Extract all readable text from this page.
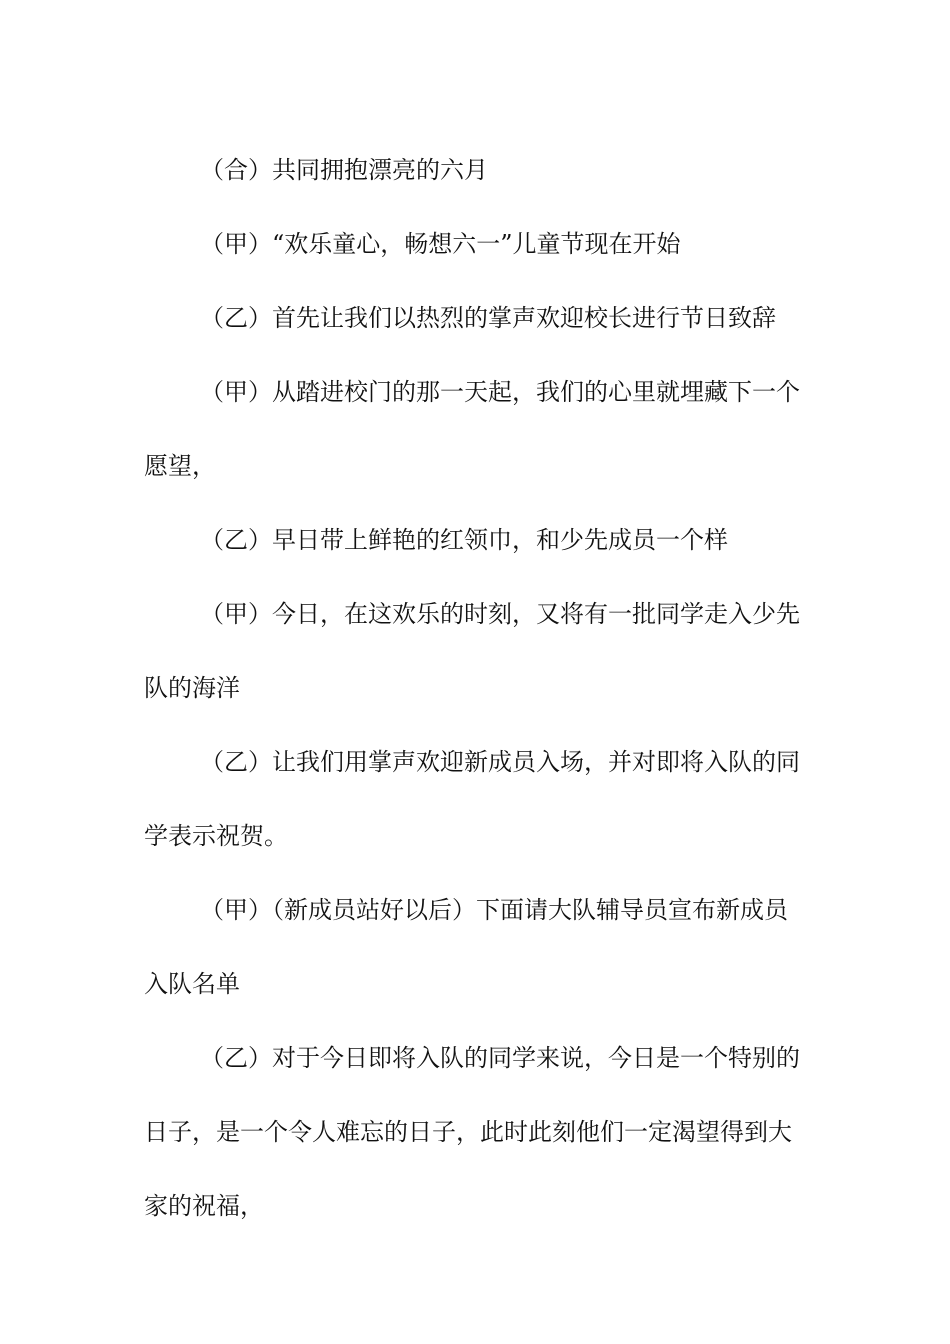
（合）共同拥抱漂亮的六月

（甲）“欢乐童心，畅想六一”儿童节现在开始

（乙）首先让我们以热烈的掌声欢迎校长进行节日致辞

（甲）从踏进校门的那一天起，我们的心里就埋藏下一个
愿望，

（乙）早日带上鲜艳的红领巾，和少先成员一个样

（甲）今日，在这欢乐的时刻，又将有一批同学走入少先
队的海洋

（乙）让我们用掌声欢迎新成员入场，并对即将入队的同
学表示祝贺。

（甲）（新成员站好以后）下面请大队辅导员宣布新成员
入队名单

（乙）对于今日即将入队的同学来说，今日是一个特别的
日子，是一个令人难忘的日子，此时此刻他们一定渴望得到大
家的祝福，
